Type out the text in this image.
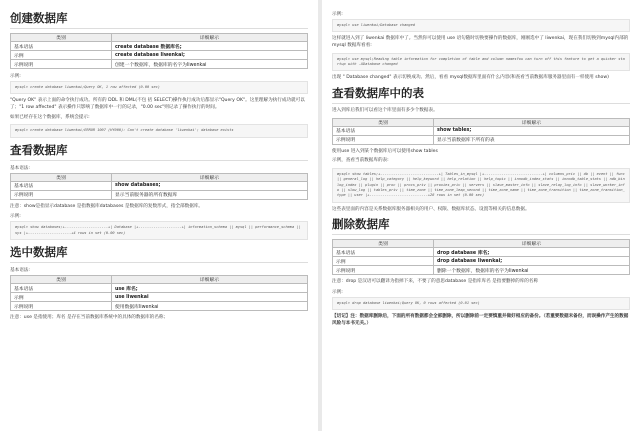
创建数据库
类别	详细解示
基本语法	create database 数据库名;
示例	create database liwenkai;
示例说明	创建一个数据库，数据库的名字为liwenkai
示例:
mysql> create database liwenkai;Query OK, 1 row affected (0.00 sec)
"Query OK" 表示上面的命令执行成功。所有的 DDL 和 DML(不包 括 SELECT)操作执行成功后都显示"Query OK"。这里理解为执行成功就可以了；"1 row affected" 表示操作只影响了数据库中一行的记录，"0.00 sec"则记录了操作执行的时间。
如果已经存在这个数据库，系统会提示:
mysql> create database liwenkai;ERROR 1007 (HY000): Can't create database 'liwenkai'; database exists
查看数据库
基本语法:
类别	详细解示
基本语法	show databases;
示例说明	显示当前服务器的所有数据库
注意：show是指显示database 是指数据库databases 是数据库的复数形式，指全部数据库。
示例:
mysql> show databases;+--------------------+| Database |+--------------------+| information_schema || mysql || performance_schema || sys |+--------------------+4 rows in set (0.00 sec)
选中数据库
基本语法:
类别	详细解示
基本语法	use 库名;
示例	use liwenkai
示例说明	使用数据库liwenkai
注意：use 是指使用；库名 是存在当前数据库系统中的具体的数据库的名称；
示例:
mysql> use liwenkai;Database changed
这样就进入到了 liwenkai 数据库中了。当然你可以使用 use 语句随时切换要操作的数据库，刚刚选中了 liwenkai，现在我们切换到mysql内部的 mysql 数据库看看:
mysql> use mysql;Reading table information for completion of table and column namesYou can turn off this feature to get a quicker startup with -ADatabase changed
出现 " Database changed" 表示切换成功。然后，看看 mysql数据库里面有什么内容(和查看当前数据库服务器里面有一样使用 show)
查看数据库中的表
进入到库后我们可以看这个库里面有多少个数据表。
类别	详细解示
基本语法	show tables;
示例说明	显示当前数据库下所有的表
使用use 进入到某个数据库后可以使用show tables
示例，查看当前数据库的表:
mysql> show tables;+---------------------------+| Tables_in_mysql |+---------------------------+| columns_priv || db || event || func || general_log || help_category || help_keyword || help_relation || help_topic || innodb_index_stats || innodb_table_stats || ndb_binlog_index || plugin || proc || procs_priv || proxies_priv || servers || slave_master_info || slave_relay_log_info || slave_worker_info || slow_log || tables_priv || time_zone || time_zone_leap_second || time_zone_name || time_zone_transition || time_zone_transition_type || user |+---------------------------+28 rows in set (0.00 sec)
这些表里面的内容是关系数据库服务器相关的用户、权限、数据库状态、设置等相关的信息数据。
删除数据库
类别	详细解示
基本语法	drop database 库名;
示例	drop database liwenkai;
示例说明	删除一个数据库，数据库的名字为liwenkai
注意：drop 是汉语可以翻译为指掉下来，不要了的意思database 是指库库名 是指要删掉的库的名称
示例:
mysql> drop database liwenkai;Query OK, 0 rows affected (0.01 sec)
【切记】注：数据库删除后，下面的所有数据都会全部删除，所以删除前一定要慎重并做好相应的备份。（若重要数据未备份，而误操作产生的数据风险与本书无关。）
